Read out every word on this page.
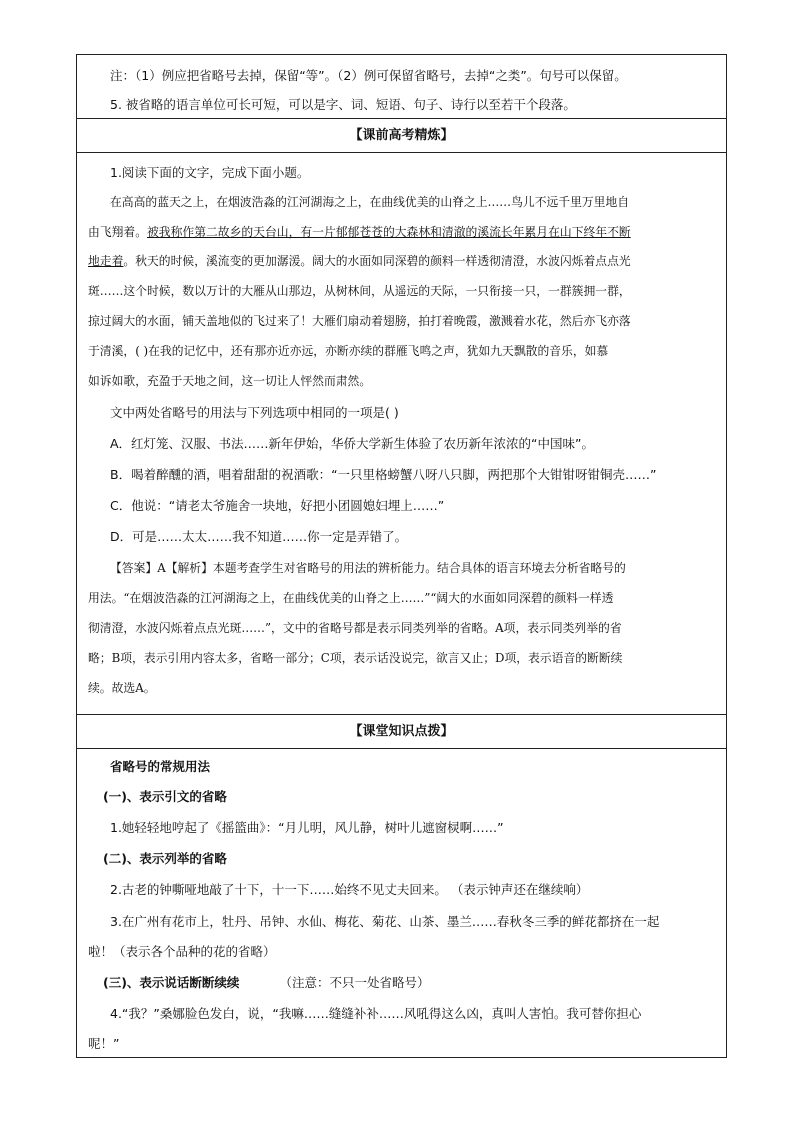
注：（1）例应把省略号去掉，保留“等”。（2）例可保留省略号，去掉“之类”。句号可以保留。
5. 被省略的语言单位可长可短，可以是字、词、短语、句子、诗行以至若干个段落。
【课前高考精炼】
1.阅读下面的文字，完成下面小题。
在高高的蓝天之上，在烟波浩淼的江河湖海之上，在曲线优美的山脊之上……鸟儿不远千里万里地自
由飞翔着。被我称作第二故乡的天台山，有一片郁郁苍苍的大森林和清澈的溪流长年累月在山下终年不断
地走着。秋天的时候，溪流变的更加潺湲。阔大的水面如同深碧的颜料一样透彻清澄，水波闪烁着点点光
斑……这个时候，数以万计的大雁从山那边，从树林间，从遥远的天际，一只衔接一只，一群簇拥一群，
掠过阔大的水面，铺天盖地似的飞过来了！大雁们扇动着翅膀，拍打着晚霞，激溅着水花，然后亦飞亦落
于清溪，( )在我的记忆中，还有那亦近亦远，亦断亦续的群雁飞鸣之声，犹如九天飘散的音乐，如慕
如诉如歌，充盈于天地之间，这一切让人怦然而肃然。
文中两处省略号的用法与下列选项中相同的一项是( )
A．红灯笼、汉服、书法……新年伊始，华侨大学新生体验了农历新年浓浓的“中国味”。
B．喝着醉醺的酒，唱着甜甜的祝酒歌：“一只里格螃蟹八呀八只脚，两把那个大钳钳呀钳铜壳……”
C．他说：“请老太爷施舍一块地，好把小团圆媳妇埋上……”
D．可是……太太……我不知道……你一定是弄错了。
【答案】A【解析】本题考查学生对省略号的用法的辨析能力。结合具体的语言环境去分析省略号的
用法。“在烟波浩淼的江河湖海之上，在曲线优美的山脊之上……”“阔大的水面如同深碧的颜料一样透
彻清澄，水波闪烁着点点光斑……”，文中的省略号都是表示同类列举的省略。A项，表示同类列举的省
略；B项，表示引用内容太多，省略一部分；C项，表示话没说完，欲言又止；D项，表示语音的断断续
续。故选A。
【课堂知识点拨】
省略号的常规用法
(一)、表示引文的省略
1.她轻轻地哼起了《摇篮曲》：“月儿明，风儿静，树叶儿遮窗棂啊……”
(二)、表示列举的省略
2.古老的钟嘶哑地敲了十下，十一下……始终不见丈夫回来。 （表示钟声还在继续响）
3.在广州有花市上，牡丹、吊钟、水仙、梅花、菊花、山茶、墨兰……春秋冬三季的鲜花都挤在一起
啦！（表示各个品种的花的省略）
(三)、表示说话断断续续	（注意：不只一处省略号）
4.“我？”桑娜脸色发白，说，“我嘛……缝缝补补……风吼得这么凶，真叫人害怕。我可替你担心
呢！”
